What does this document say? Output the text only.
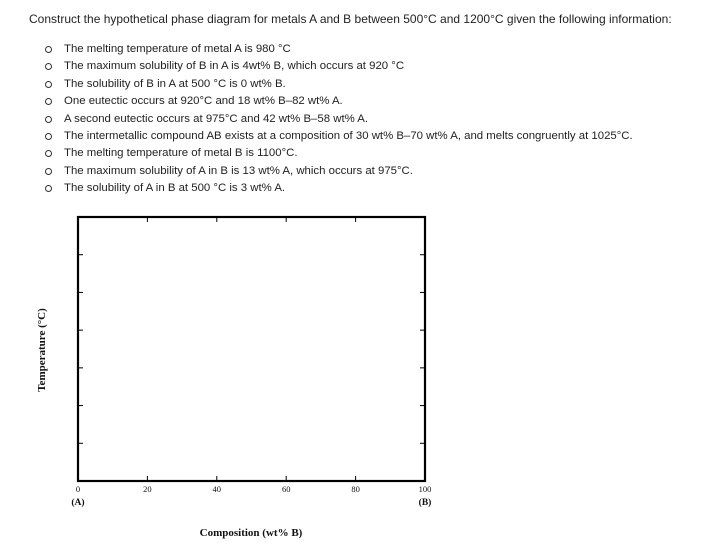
Construct the hypothetical phase diagram for metals A and B between 500°C and 1200°C given the following information:
The melting temperature of metal A is 980 °C
The maximum solubility of B in A is 4wt% B, which occurs at 920 °C
The solubility of B in A at 500 °C is 0 wt% B.
One eutectic occurs at 920°C and 18 wt% B–82 wt% A.
A second eutectic occurs at 975°C and 42 wt% B–58 wt% A.
The intermetallic compound AB exists at a composition of 30 wt% B–70 wt% A, and melts congruently at 1025°C.
The melting temperature of metal B is 1100°C.
The maximum solubility of A in B is 13 wt% A, which occurs at 975°C.
The solubility of A in B at 500 °C is 3 wt% A.
0	20	40	60	80	100
(A)	(B)
Composition (wt% B)
Temperature (°C)
